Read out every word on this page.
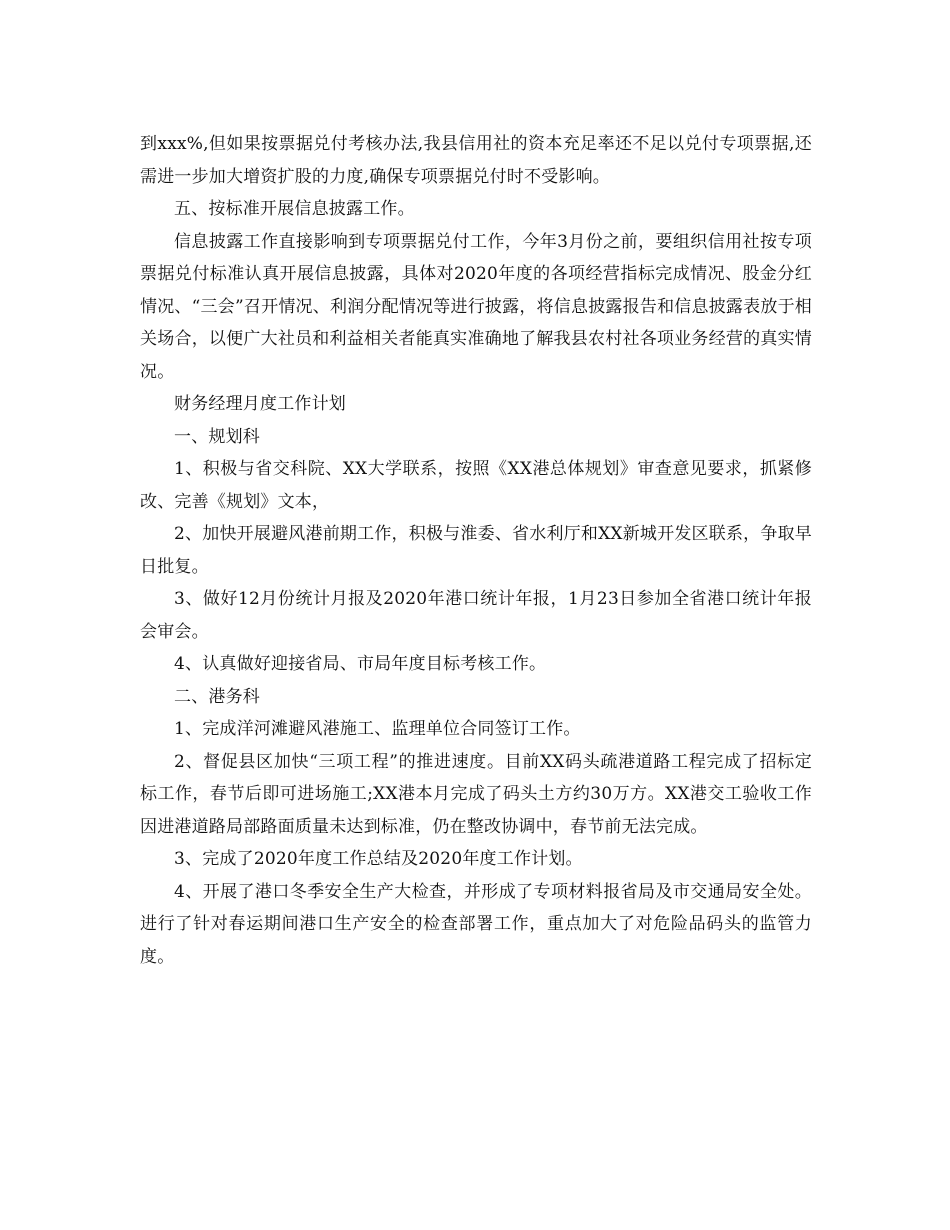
到xxx%,但如果按票据兑付考核办法,我县信用社的资本充足率还不足以兑付专项票据,还需进一步加大增资扩股的力度,确保专项票据兑付时不受影响。

五、按标准开展信息披露工作。

信息披露工作直接影响到专项票据兑付工作，今年3月份之前，要组织信用社按专项票据兑付标准认真开展信息披露，具体对2020年度的各项经营指标完成情况、股金分红情况、“三会”召开情况、利润分配情况等进行披露，将信息披露报告和信息披露表放于相关场合，以便广大社员和利益相关者能真实准确地了解我县农村社各项业务经营的真实情况。

财务经理月度工作计划

一、规划科

1、积极与省交科院、XX大学联系，按照《XX港总体规划》审查意见要求，抓紧修改、完善《规划》文本，

2、加快开展避风港前期工作，积极与淮委、省水利厅和XX新城开发区联系，争取早日批复。

3、做好12月份统计月报及2020年港口统计年报，1月23日参加全省港口统计年报会审会。

4、认真做好迎接省局、市局年度目标考核工作。

二、港务科

1、完成洋河滩避风港施工、监理单位合同签订工作。

2、督促县区加快“三项工程”的推进速度。目前XX码头疏港道路工程完成了招标定标工作，春节后即可进场施工;XX港本月完成了码头土方约30万方。XX港交工验收工作因进港道路局部路面质量未达到标准，仍在整改协调中，春节前无法完成。

3、完成了2020年度工作总结及2020年度工作计划。

4、开展了港口冬季安全生产大检查，并形成了专项材料报省局及市交通局安全处。进行了针对春运期间港口生产安全的检查部署工作，重点加大了对危险品码头的监管力度。
